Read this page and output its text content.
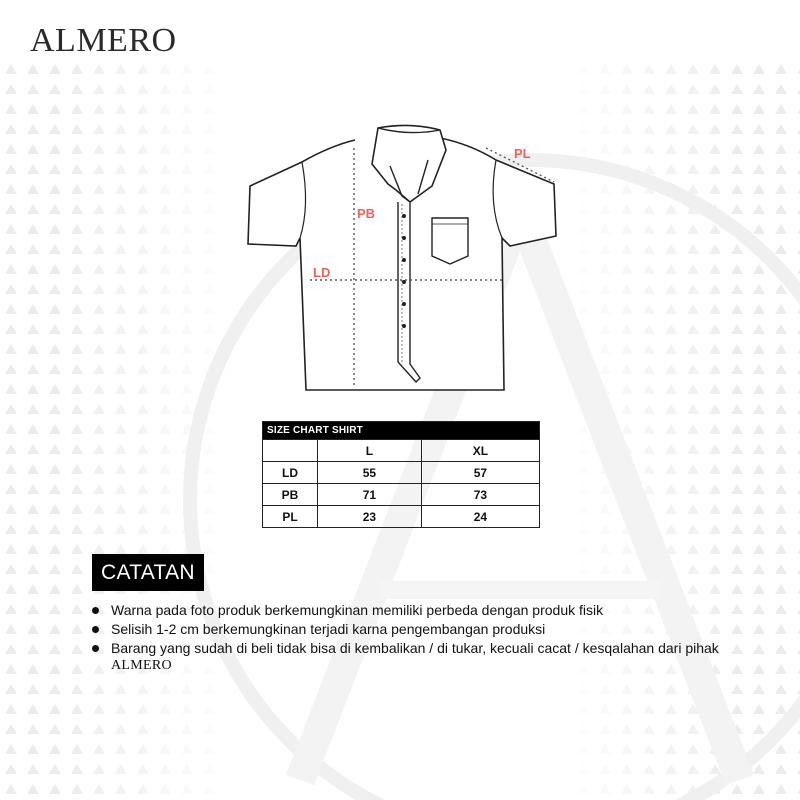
ALMERO
PL
PB
LD
SIZE CHART SHIRT		
	L	XL
LD	55	57
PB	71	73
PL	23	24
CATATAN
Warna pada foto produk berkemungkinan memiliki perbeda dengan produk fisik
Selisih 1-2 cm berkemungkinan terjadi karna pengembangan produksi
Barang yang sudah di beli tidak bisa di kembalikan / di tukar, kecuali cacat / kesqalahan dari pihak ALMERO
